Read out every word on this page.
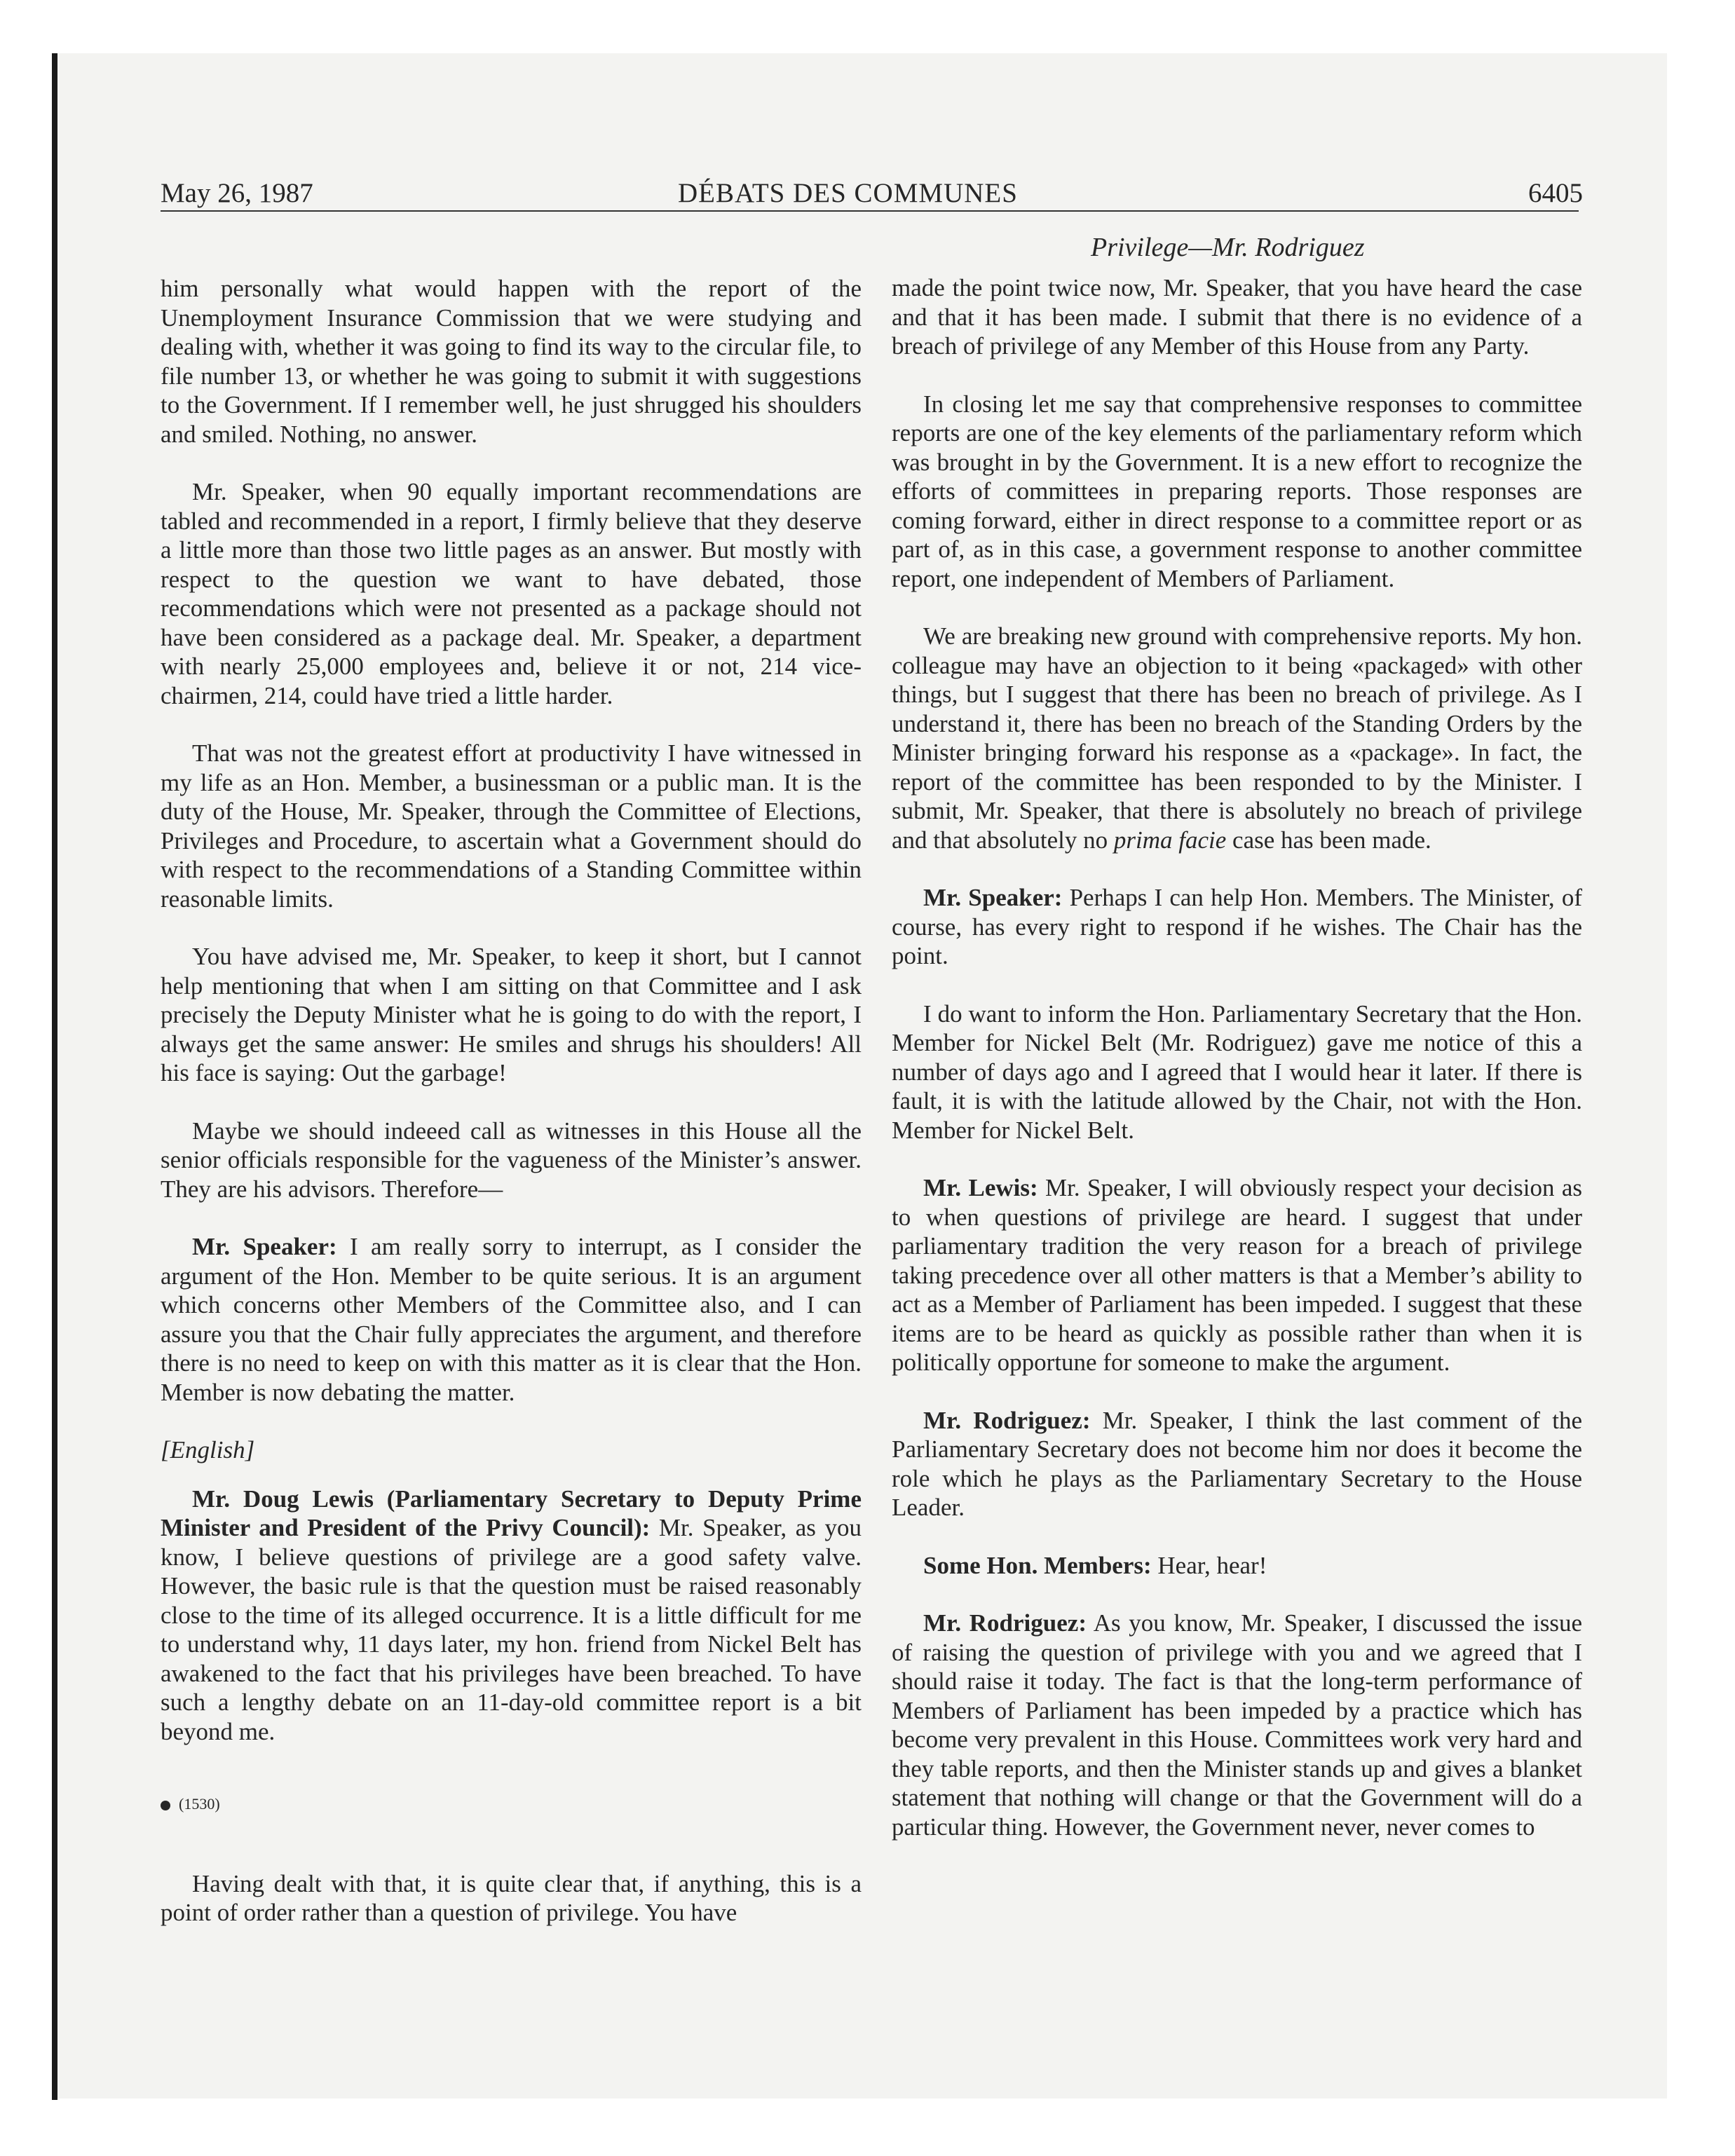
May 26, 1987	DÉBATS DES COMMUNES	6405
Privilege—Mr. Rodriguez

him personally what would happen with the report of the Unemployment Insurance Commission that we were studying and dealing with, whether it was going to find its way to the circular file, to file number 13, or whether he was going to submit it with suggestions to the Government. If I remember well, he just shrugged his shoulders and smiled. Nothing, no answer.

Mr. Speaker, when 90 equally important recommendations are tabled and recommended in a report, I firmly believe that they deserve a little more than those two little pages as an answer. But mostly with respect to the question we want to have debated, those recommendations which were not presented as a package should not have been considered as a package deal. Mr. Speaker, a department with nearly 25,000 employees and, believe it or not, 214 vice-chairmen, 214, could have tried a little harder.

That was not the greatest effort at productivity I have witnessed in my life as an Hon. Member, a businessman or a public man. It is the duty of the House, Mr. Speaker, through the Committee of Elections, Privileges and Procedure, to ascertain what a Government should do with respect to the recommendations of a Standing Committee within reasonable limits.

You have advised me, Mr. Speaker, to keep it short, but I cannot help mentioning that when I am sitting on that Committee and I ask precisely the Deputy Minister what he is going to do with the report, I always get the same answer: He smiles and shrugs his shoulders! All his face is saying: Out the garbage!

Maybe we should indeeed call as witnesses in this House all the senior officials responsible for the vagueness of the Minister’s answer. They are his advisors. Therefore—

Mr. Speaker: I am really sorry to interrupt, as I consider the argument of the Hon. Member to be quite serious. It is an argument which concerns other Members of the Committee also, and I can assure you that the Chair fully appreciates the argument, and therefore there is no need to keep on with this matter as it is clear that the Hon. Member is now debating the matter.

[English]

Mr. Doug Lewis (Parliamentary Secretary to Deputy Prime Minister and President of the Privy Council): Mr. Speaker, as you know, I believe questions of privilege are a good safety valve. However, the basic rule is that the question must be raised reasonably close to the time of its alleged occurrence. It is a little difficult for me to understand why, 11 days later, my hon. friend from Nickel Belt has awakened to the fact that his privileges have been breached. To have such a lengthy debate on an 11-day-old committee report is a bit beyond me.

(1530)

Having dealt with that, it is quite clear that, if anything, this is a point of order rather than a question of privilege. You have

made the point twice now, Mr. Speaker, that you have heard the case and that it has been made. I submit that there is no evidence of a breach of privilege of any Member of this House from any Party.

In closing let me say that comprehensive responses to committee reports are one of the key elements of the parliamentary reform which was brought in by the Government. It is a new effort to recognize the efforts of committees in preparing reports. Those responses are coming forward, either in direct response to a committee report or as part of, as in this case, a government response to another committee report, one independent of Members of Parliament.

We are breaking new ground with comprehensive reports. My hon. colleague may have an objection to it being «packaged» with other things, but I suggest that there has been no breach of privilege. As I understand it, there has been no breach of the Standing Orders by the Minister bringing forward his response as a «package». In fact, the report of the committee has been responded to by the Minister. I submit, Mr. Speaker, that there is absolutely no breach of privilege and that absolutely no prima facie case has been made.

Mr. Speaker: Perhaps I can help Hon. Members. The Minister, of course, has every right to respond if he wishes. The Chair has the point.

I do want to inform the Hon. Parliamentary Secretary that the Hon. Member for Nickel Belt (Mr. Rodriguez) gave me notice of this a number of days ago and I agreed that I would hear it later. If there is fault, it is with the latitude allowed by the Chair, not with the Hon. Member for Nickel Belt.

Mr. Lewis: Mr. Speaker, I will obviously respect your decision as to when questions of privilege are heard. I suggest that under parliamentary tradition the very reason for a breach of privilege taking precedence over all other matters is that a Member’s ability to act as a Member of Parliament has been impeded. I suggest that these items are to be heard as quickly as possible rather than when it is politically opportune for someone to make the argument.

Mr. Rodriguez: Mr. Speaker, I think the last comment of the Parliamentary Secretary does not become him nor does it become the role which he plays as the Parliamentary Secretary to the House Leader.

Some Hon. Members: Hear, hear!

Mr. Rodriguez: As you know, Mr. Speaker, I discussed the issue of raising the question of privilege with you and we agreed that I should raise it today. The fact is that the long-term performance of Members of Parliament has been impeded by a practice which has become very prevalent in this House. Committees work very hard and they table reports, and then the Minister stands up and gives a blanket statement that nothing will change or that the Government will do a particular thing. However, the Government never, never comes to
